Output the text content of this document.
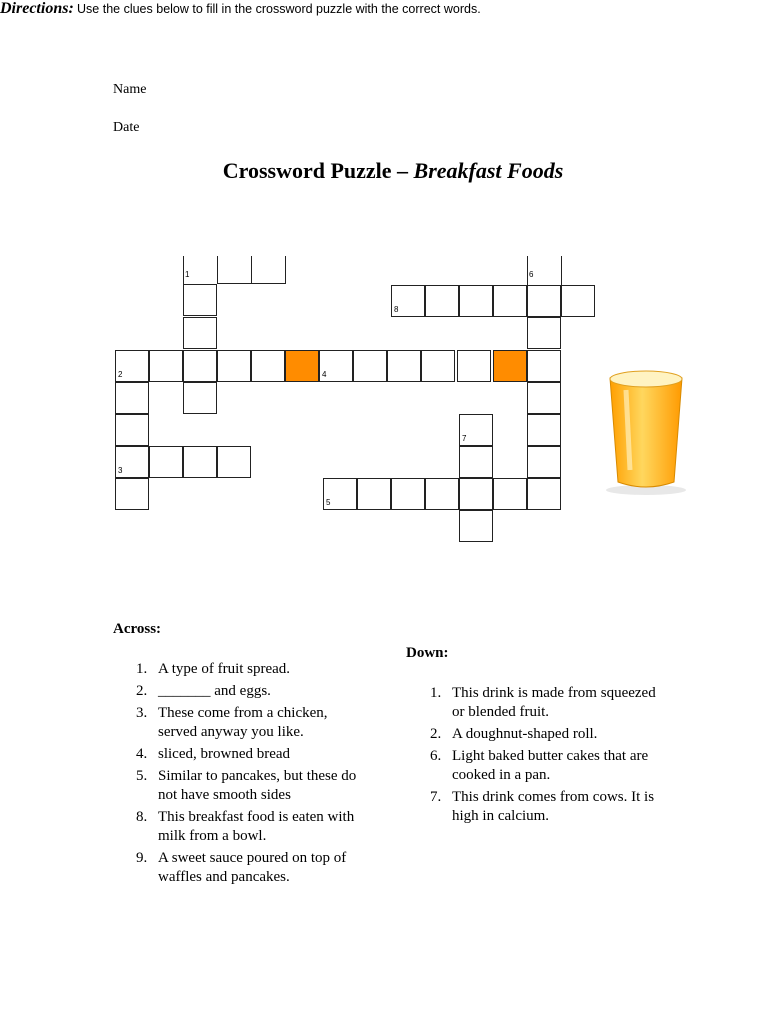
Name
Date
Crossword Puzzle – Breakfast Foods
Directions: Use the clues below to fill in the crossword puzzle with the correct words.
8
2	4
6
1
3
7
5
Across:
1. A type of fruit spread.
2. _______ and eggs.
3. These come from a chicken, served anyway you like.
4. sliced, browned bread
5. Similar to pancakes, but these do not have smooth sides
8. This breakfast food is eaten with milk from a bowl.
9. A sweet sauce poured on top of waffles and pancakes.
Down:
1. This drink is made from squeezed or blended fruit.
2. A doughnut-shaped roll.
6. Light baked butter cakes that are cooked in a pan.
7. This drink comes from cows. It is high in calcium.
